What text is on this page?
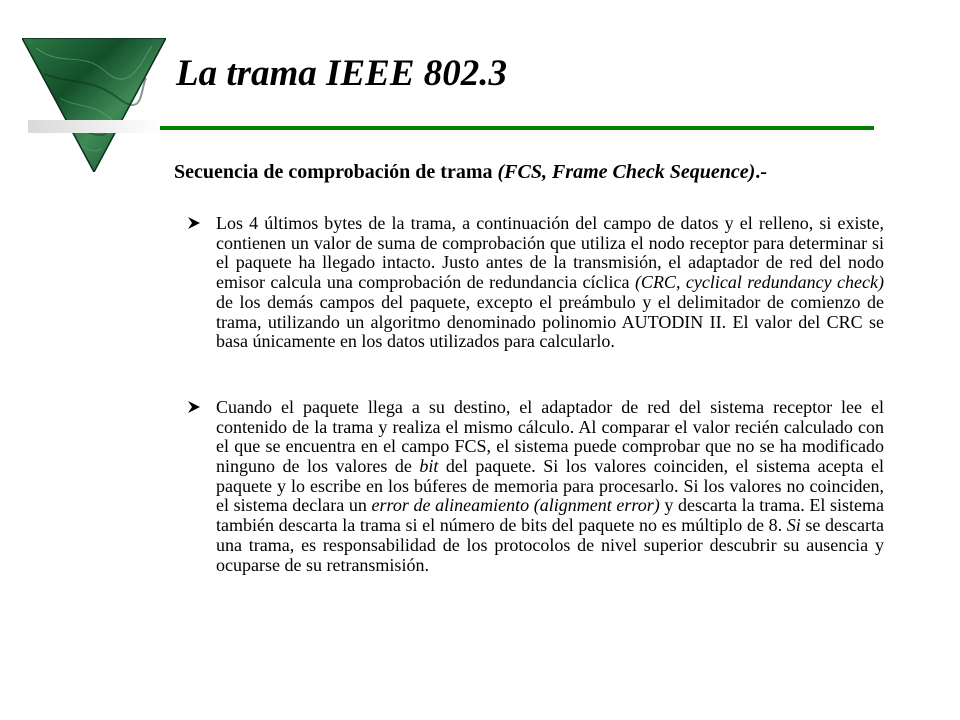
La trama IEEE 802.3

Secuencia de comprobación de trama (FCS, Frame Check Sequence).-

Los 4 últimos bytes de la trama, a continuación del campo de datos y el relleno, si existe, contienen un valor de suma de comprobación que utiliza el nodo receptor para determinar si el paquete ha llegado intacto. Justo antes de la transmisión, el adaptador de red del nodo emisor calcula una comprobación de redundancia cíclica (CRC, cyclical redundancy check) de los demás campos del paquete, excepto el preámbulo y el delimitador de comienzo de trama, utilizando un algoritmo denominado polinomio AUTODIN II. El valor del CRC se basa únicamente en los datos utilizados para calcularlo.
Cuando el paquete llega a su destino, el adaptador de red del sistema receptor lee el contenido de la trama y realiza el mismo cálculo. Al comparar el valor recién calculado con el que se encuentra en el campo FCS, el sistema puede comprobar que no se ha modificado ninguno de los valores de bit del paquete. Si los valores coinciden, el sistema acepta el paquete y lo escribe en los búferes de memoria para procesarlo. Si los valores no coinciden, el sistema declara un error de alineamiento (alignment error) y descarta la trama. El sistema también descarta la trama si el número de bits del paquete no es múltiplo de 8. Si se descarta una trama, es responsabilidad de los protocolos de nivel superior descubrir su ausencia y ocuparse de su retransmisión.
